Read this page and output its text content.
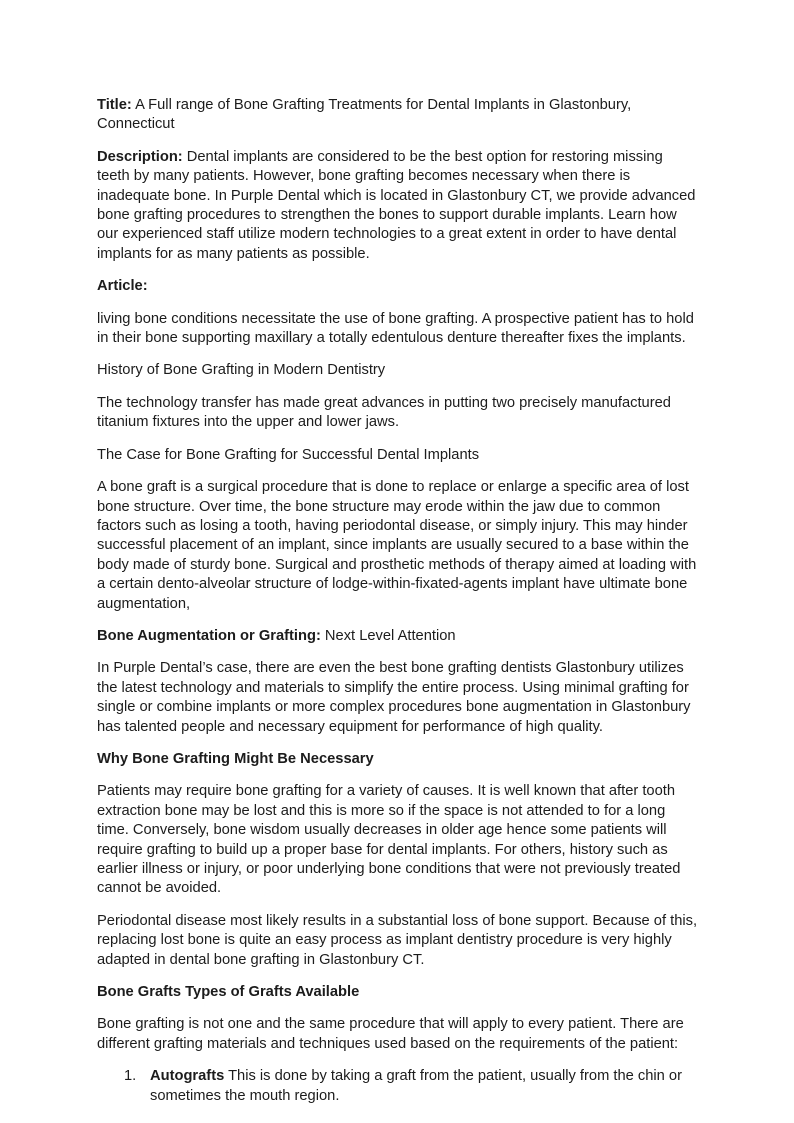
Title: A Full range of Bone Grafting Treatments for Dental Implants in Glastonbury, Connecticut

Description: Dental implants are considered to be the best option for restoring missing teeth by many patients. However, bone grafting becomes necessary when there is inadequate bone. In Purple Dental which is located in Glastonbury CT, we provide advanced bone grafting procedures to strengthen the bones to support durable implants. Learn how our experienced staff utilize modern technologies to a great extent in order to have dental implants for as many patients as possible.

Article:

living bone conditions necessitate the use of bone grafting. A prospective patient has to hold in their bone supporting maxillary a totally edentulous denture thereafter fixes the implants.

History of Bone Grafting in Modern Dentistry

The technology transfer has made great advances in putting two precisely manufactured titanium fixtures into the upper and lower jaws.

The Case for Bone Grafting for Successful Dental Implants

A bone graft is a surgical procedure that is done to replace or enlarge a specific area of lost bone structure. Over time, the bone structure may erode within the jaw due to common factors such as losing a tooth, having periodontal disease, or simply injury. This may hinder successful placement of an implant, since implants are usually secured to a base within the body made of sturdy bone. Surgical and prosthetic methods of therapy aimed at loading with a certain dento-alveolar structure of lodge-within-fixated-agents implant have ultimate bone augmentation,

Bone Augmentation or Grafting: Next Level Attention

In Purple Dental’s case, there are even the best bone grafting dentists Glastonbury utilizes the latest technology and materials to simplify the entire process. Using minimal grafting for single or combine implants or more complex procedures bone augmentation in Glastonbury has talented people and necessary equipment for performance of high quality.

Why Bone Grafting Might Be Necessary

Patients may require bone grafting for a variety of causes. It is well known that after tooth extraction bone may be lost and this is more so if the space is not attended to for a long time. Conversely, bone wisdom usually decreases in older age hence some patients will require grafting to build up a proper base for dental implants. For others, history such as earlier illness or injury, or poor underlying bone conditions that were not previously treated cannot be avoided.

Periodontal disease most likely results in a substantial loss of bone support. Because of this, replacing lost bone is quite an easy process as implant dentistry procedure is very highly adapted in dental bone grafting in Glastonbury CT.

Bone Grafts Types of Grafts Available

Bone grafting is not one and the same procedure that will apply to every patient. There are different grafting materials and techniques used based on the requirements of the patient:

1. Autografts This is done by taking a graft from the patient, usually from the chin or sometimes the mouth region.
